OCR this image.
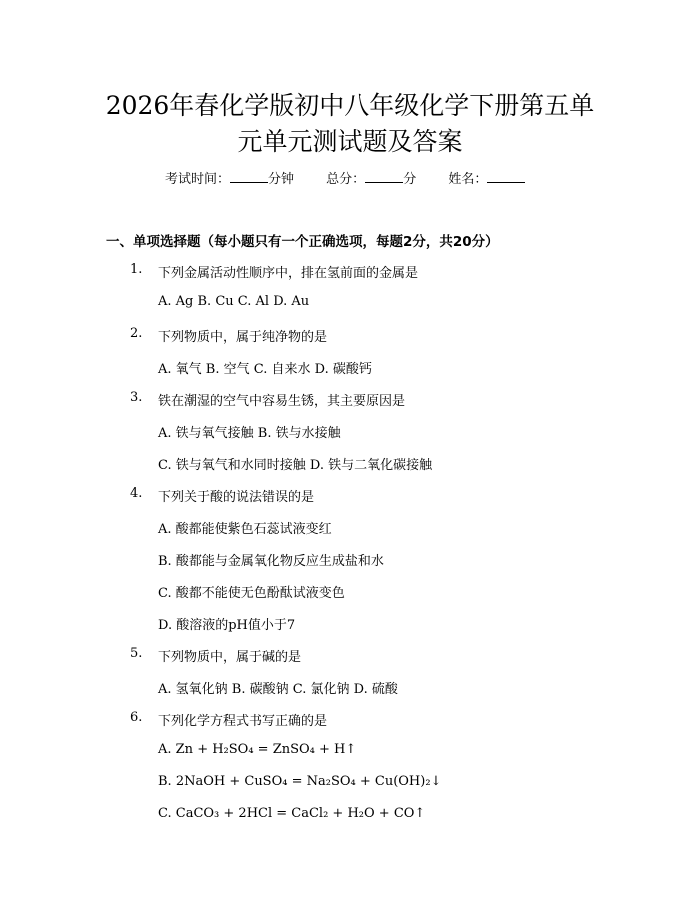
2026年春化学版初中八年级化学下册第五单
元单元测试题及答案
考试时间：	分钟 总分：	分 姓名：
一、单项选择题（每小题只有一个正确选项，每题2分，共20分）
1. 下列金属活动性顺序中，排在氢前面的金属是
A. Ag B. Cu C. Al D. Au
2. 下列物质中，属于纯净物的是
A. 氧气 B. 空气 C. 自来水 D. 碳酸钙
3. 铁在潮湿的空气中容易生锈，其主要原因是
A. 铁与氧气接触 B. 铁与水接触
C. 铁与氧气和水同时接触 D. 铁与二氧化碳接触
4. 下列关于酸的说法错误的是
A. 酸都能使紫色石蕊试液变红
B. 酸都能与金属氧化物反应生成盐和水
C. 酸都不能使无色酚酞试液变色
D. 酸溶液的pH值小于7
5. 下列物质中，属于碱的是
A. 氢氧化钠 B. 碳酸钠 C. 氯化钠 D. 硫酸
6. 下列化学方程式书写正确的是
A. Zn + H₂SO₄ = ZnSO₄ + H↑
B. 2NaOH + CuSO₄ = Na₂SO₄ + Cu(OH)₂↓
C. CaCO₃ + 2HCl = CaCl₂ + H₂O + CO↑
